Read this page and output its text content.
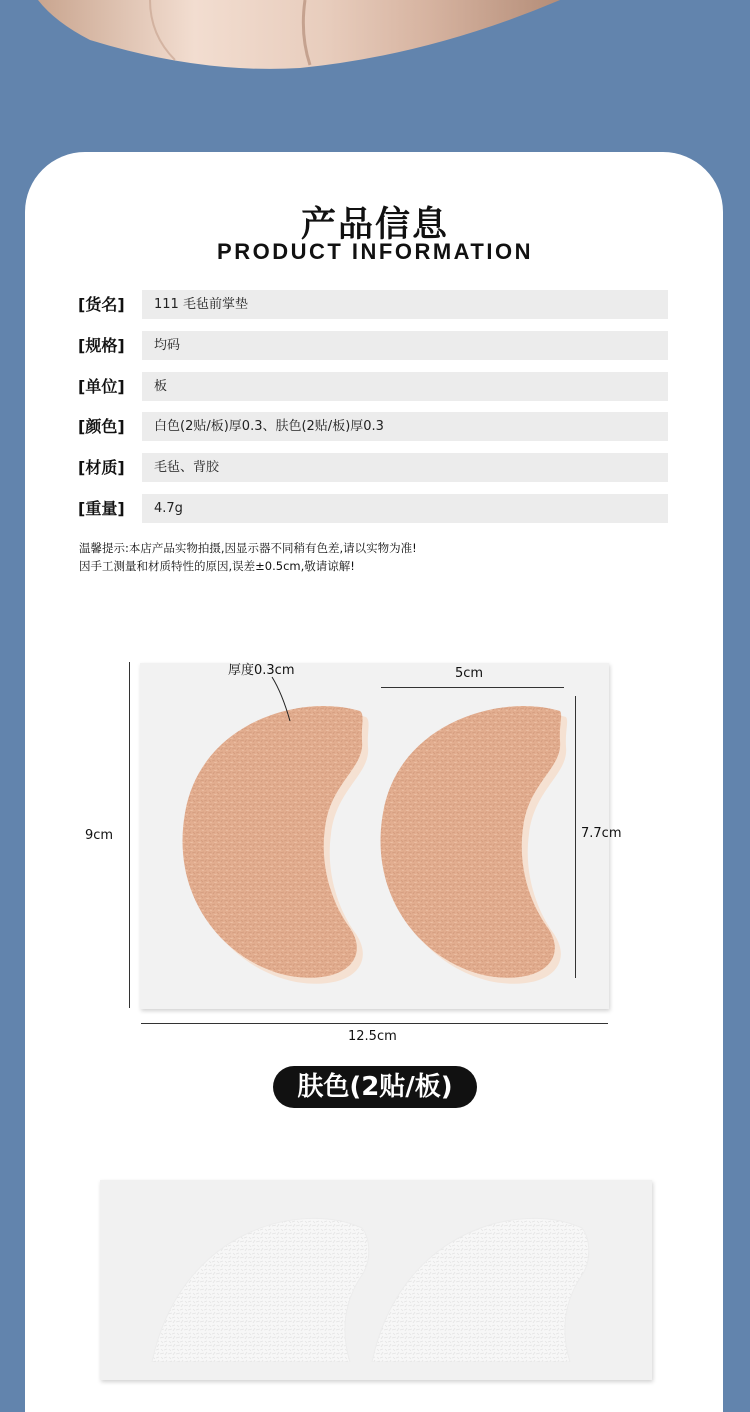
产品信息
PRODUCT INFORMATION
[货名]	111 毛毡前掌垫
[规格]	均码
[单位]	板
[颜色]	白色(2贴/板)厚0.3、肤色(2贴/板)厚0.3
[材质]	毛毡、背胶
[重量]	4.7g
温馨提示:本店产品实物拍摄,因显示器不同稍有色差,请以实物为准!
因手工测量和材质特性的原因,误差±0.5cm,敬请谅解!
厚度0.3cm	5cm
7.7cm
9cm
12.5cm
肤色(2贴/板)
